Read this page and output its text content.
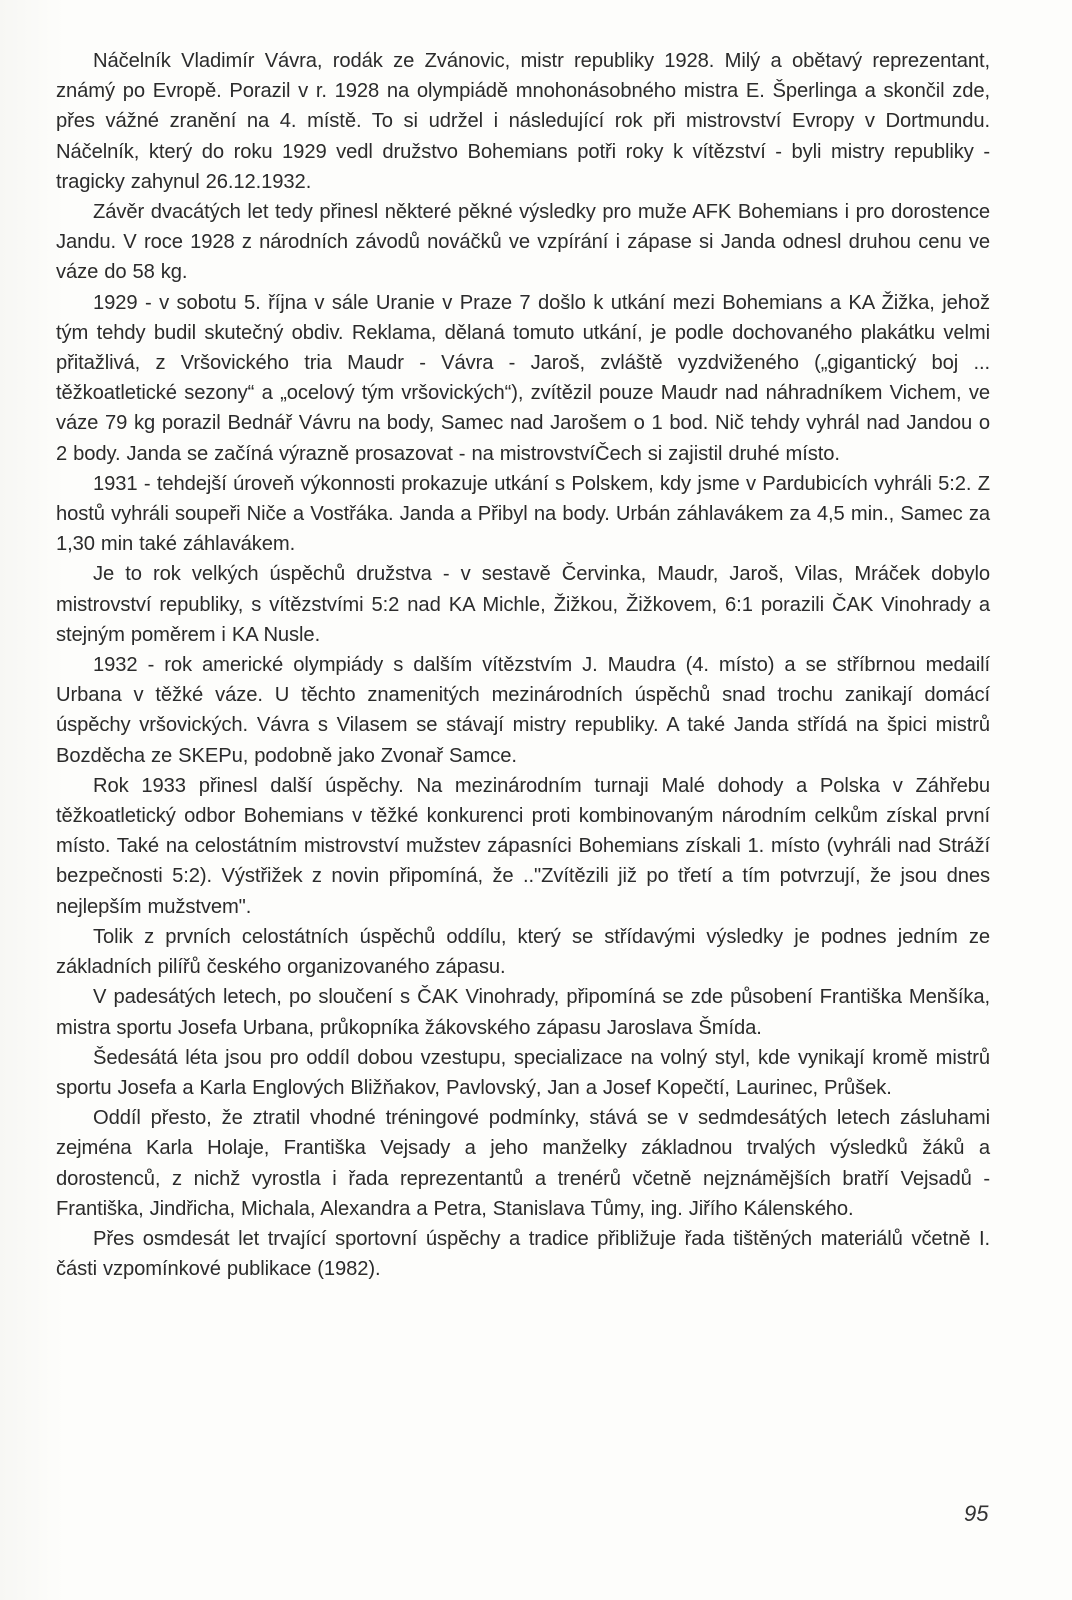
Náčelník Vladimír Vávra, rodák ze Zvánovic, mistr republiky 1928. Milý a obětavý reprezentant, známý po Evropě. Porazil v r. 1928 na olympiádě mnohonásobného mistra E. Šperlinga a skončil zde, přes vážné zranění na 4. místě. To si udržel i následující rok při mistrovství Evropy v Dortmundu. Náčelník, který do roku 1929 vedl družstvo Bohemians potři roky k vítězství - byli mistry republiky - tragicky zahynul 26.12.1932.

Závěr dvacátých let tedy přinesl některé pěkné výsledky pro muže AFK Bohemians i pro dorostence Jandu. V roce 1928 z národních závodů nováčků ve vzpírání i zápase si Janda odnesl druhou cenu ve váze do 58 kg.

1929 - v sobotu 5. října v sále Uranie v Praze 7 došlo k utkání mezi Bohemians a KA Žižka, jehož tým tehdy budil skutečný obdiv. Reklama, dělaná tomuto utkání, je podle dochovaného plakátku velmi přitažlivá, z Vršovického tria Maudr - Vávra - Jaroš, zvláště vyzdviženého („gigantický boj ... těžkoatletické sezony“ a „ocelový tým vršovických“), zvítězil pouze Maudr nad náhradníkem Vichem, ve váze 79 kg porazil Bednář Vávru na body, Samec nad Jarošem o 1 bod. Nič tehdy vyhrál nad Jandou o 2 body. Janda se začíná výrazně prosazovat - na mistrovstvíČech si zajistil druhé místo.

1931 - tehdejší úroveň výkonnosti prokazuje utkání s Polskem, kdy jsme v Pardubicích vyhráli 5:2. Z hostů vyhráli soupeři Niče a Vostřáka. Janda a Přibyl na body. Urbán záhlavákem za 4,5 min., Samec za 1,30 min také záhlavákem.

Je to rok velkých úspěchů družstva - v sestavě Červinka, Maudr, Jaroš, Vilas, Mráček dobylo mistrovství republiky, s vítězstvími 5:2 nad KA Michle, Žižkou, Žižkovem, 6:1 porazili ČAK Vinohrady a stejným poměrem i KA Nusle.

1932 - rok americké olympiády s dalším vítězstvím J. Maudra (4. místo) a se stříbrnou medailí Urbana v těžké váze. U těchto znamenitých mezinárodních úspěchů snad trochu zanikají domácí úspěchy vršovických. Vávra s Vilasem se stávají mistry republiky. A také Janda střídá na špici mistrů Bozděcha ze SKEPu, podobně jako Zvonař Samce.

Rok 1933 přinesl další úspěchy. Na mezinárodním turnaji Malé dohody a Polska v Záhřebu těžkoatletický odbor Bohemians v těžké konkurenci proti kombinovaným národním celkům získal první místo. Také na celostátním mistrovství mužstev zápasníci Bohemians získali 1. místo (vyhráli nad Stráží bezpečnosti 5:2). Výstřižek z novin připomíná, že .."Zvítězili již po třetí a tím potvrzují, že jsou dnes nejlepším mužstvem".

Tolik z prvních celostátních úspěchů oddílu, který se střídavými výsledky je podnes jedním ze základních pilířů českého organizovaného zápasu.

V padesátých letech, po sloučení s ČAK Vinohrady, připomíná se zde působení Františka Menšíka, mistra sportu Josefa Urbana, průkopníka žákovského zápasu Jaroslava Šmída.

Šedesátá léta jsou pro oddíl dobou vzestupu, specializace na volný styl, kde vynikají kromě mistrů sportu Josefa a Karla Englových Bližňakov, Pavlovský, Jan a Josef Kopečtí, Laurinec, Průšek.

Oddíl přesto, že ztratil vhodné tréningové podmínky, stává se v sedmdesátých letech zásluhami zejména Karla Holaje, Františka Vejsady a jeho manželky základnou trvalých výsledků žáků a dorostenců, z nichž vyrostla i řada reprezentantů a trenérů včetně nejznámějších bratří Vejsadů - Františka, Jindřicha, Michala, Alexandra a Petra, Stanislava Tůmy, ing. Jiřího Kálenského.

Přes osmdesát let trvající sportovní úspěchy a tradice přibližuje řada tištěných materiálů včetně I. části vzpomínkové publikace (1982).

95
